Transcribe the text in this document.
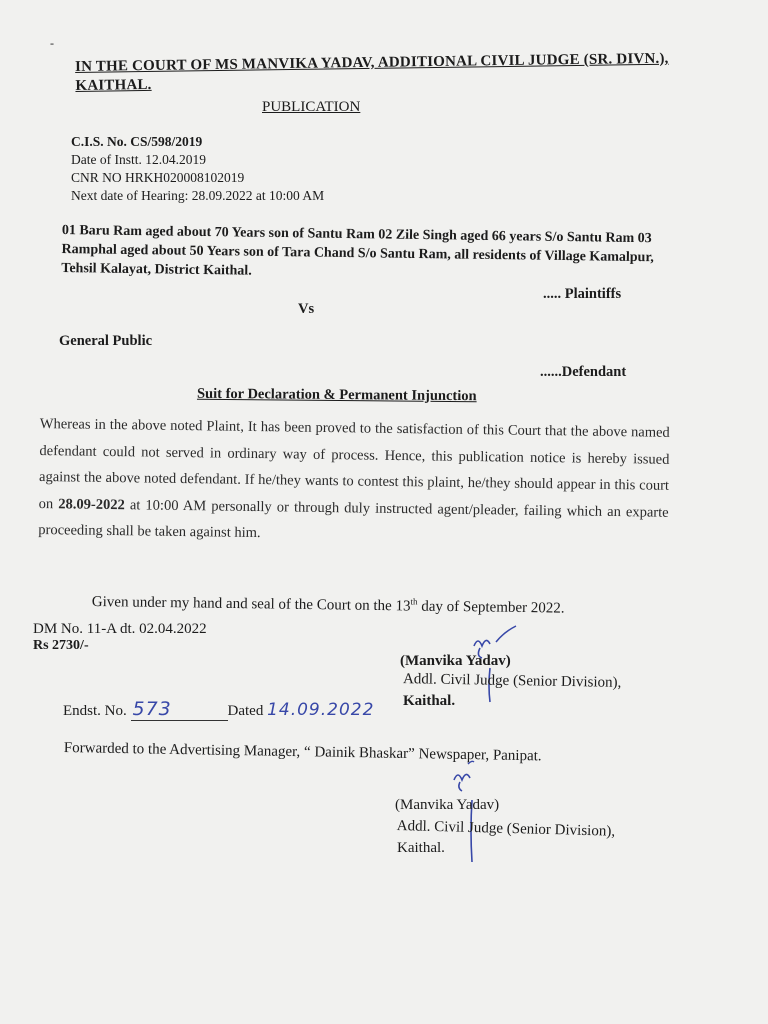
-
IN THE COURT OF MS MANVIKA YADAV, ADDITIONAL CIVIL JUDGE (SR. DIVN.), KAITHAL.
PUBLICATION
C.I.S. No. CS/598/2019
Date of Instt. 12.04.2019
CNR NO HRKH020008102019
Next date of Hearing: 28.09.2022 at 10:00 AM
01 Baru Ram aged about 70 Years son of Santu Ram 02 Zile Singh aged 66 years S/o Santu Ram 03 Ramphal aged about 50 Years son of Tara Chand S/o Santu Ram, all residents of Village Kamalpur, Tehsil Kalayat, District Kaithal.
..... Plaintiffs
Vs
General Public
......Defendant
Suit for Declaration & Permanent Injunction
Whereas in the above noted Plaint, It has been proved to the satisfaction of this Court that the above named defendant could not served in ordinary way of process. Hence, this publication notice is hereby issued against the above noted defendant. If he/they wants to contest this plaint, he/they should appear in this court on 28.09-2022 at 10:00 AM personally or through duly instructed agent/pleader, failing which an exparte proceeding shall be taken against him.
Given under my hand and seal of the Court on the 13th day of September 2022.
DM No. 11-A dt. 02.04.2022
Rs 2730/-
(Manvika Yadav)
Addl. Civil Judge (Senior Division),
Kaithal.
Endst. No. 573	Dated 14.09.2022
Forwarded to the Advertising Manager, “ Dainik Bhaskar” Newspaper, Panipat.
(Manvika Yadav)
Addl. Civil Judge (Senior Division),
Kaithal.
